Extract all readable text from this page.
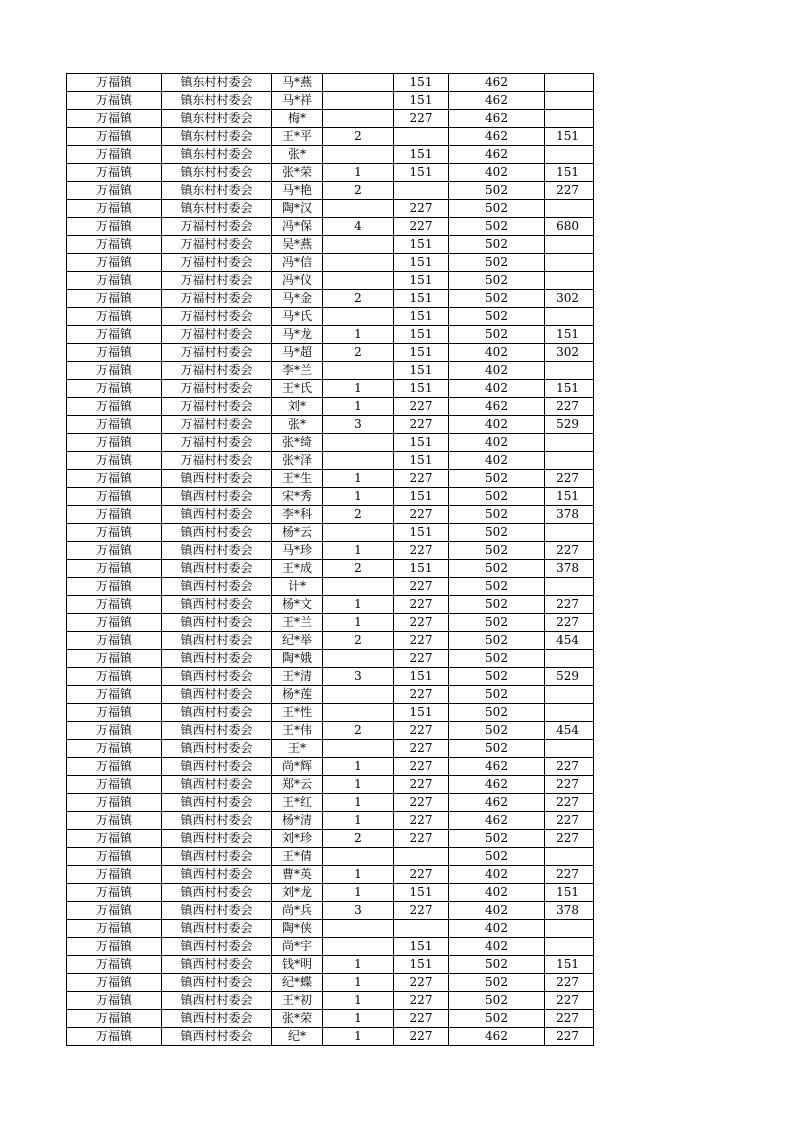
万福镇	镇东村村委会	马*燕		151	462	
万福镇	镇东村村委会	马*祥		151	462	
万福镇	镇东村村委会	梅*		227	462	
万福镇	镇东村村委会	王*平	2		462	151
万福镇	镇东村村委会	张*		151	462	
万福镇	镇东村村委会	张*荣	1	151	402	151
万福镇	镇东村村委会	马*艳	2		502	227
万福镇	镇东村村委会	陶*汉		227	502	
万福镇	万福村村委会	冯*保	4	227	502	680
万福镇	万福村村委会	吴*燕		151	502	
万福镇	万福村村委会	冯*信		151	502	
万福镇	万福村村委会	冯*仪		151	502	
万福镇	万福村村委会	马*金	2	151	502	302
万福镇	万福村村委会	马*氏		151	502	
万福镇	万福村村委会	马*龙	1	151	502	151
万福镇	万福村村委会	马*超	2	151	402	302
万福镇	万福村村委会	李*兰		151	402	
万福镇	万福村村委会	王*氏	1	151	402	151
万福镇	万福村村委会	刘*	1	227	462	227
万福镇	万福村村委会	张*	3	227	402	529
万福镇	万福村村委会	张*绮		151	402	
万福镇	万福村村委会	张*泽		151	402	
万福镇	镇西村村委会	王*生	1	227	502	227
万福镇	镇西村村委会	宋*秀	1	151	502	151
万福镇	镇西村村委会	李*科	2	227	502	378
万福镇	镇西村村委会	杨*云		151	502	
万福镇	镇西村村委会	马*珍	1	227	502	227
万福镇	镇西村村委会	王*成	2	151	502	378
万福镇	镇西村村委会	计*		227	502	
万福镇	镇西村村委会	杨*文	1	227	502	227
万福镇	镇西村村委会	王*兰	1	227	502	227
万福镇	镇西村村委会	纪*举	2	227	502	454
万福镇	镇西村村委会	陶*娥		227	502	
万福镇	镇西村村委会	王*清	3	151	502	529
万福镇	镇西村村委会	杨*莲		227	502	
万福镇	镇西村村委会	王*性		151	502	
万福镇	镇西村村委会	王*伟	2	227	502	454
万福镇	镇西村村委会	王*		227	502	
万福镇	镇西村村委会	尚*辉	1	227	462	227
万福镇	镇西村村委会	郑*云	1	227	462	227
万福镇	镇西村村委会	王*红	1	227	462	227
万福镇	镇西村村委会	杨*清	1	227	462	227
万福镇	镇西村村委会	刘*珍	2	227	502	227
万福镇	镇西村村委会	王*倩			502	
万福镇	镇西村村委会	曹*英	1	227	402	227
万福镇	镇西村村委会	刘*龙	1	151	402	151
万福镇	镇西村村委会	尚*兵	3	227	402	378
万福镇	镇西村村委会	陶*侠			402	
万福镇	镇西村村委会	尚*宇		151	402	
万福镇	镇西村村委会	钱*明	1	151	502	151
万福镇	镇西村村委会	纪*蝶	1	227	502	227
万福镇	镇西村村委会	王*初	1	227	502	227
万福镇	镇西村村委会	张*荣	1	227	502	227
万福镇	镇西村村委会	纪*	1	227	462	227
